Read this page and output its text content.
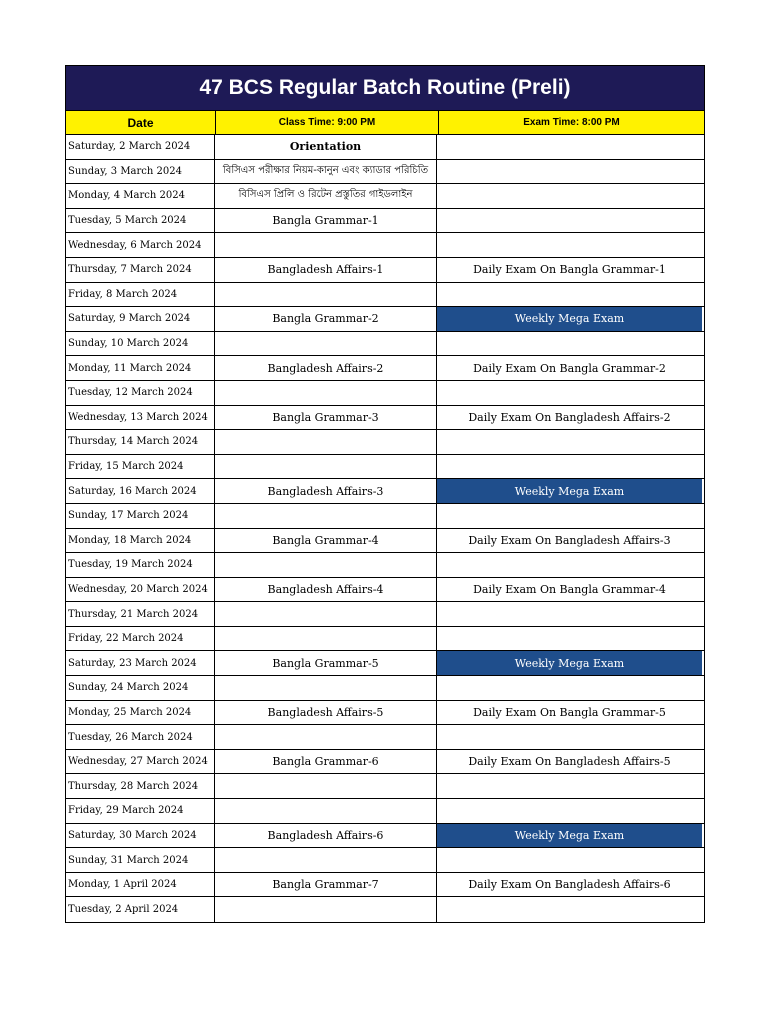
47 BCS Regular Batch Routine (Preli)
Date	Class Time: 9:00 PM	Exam Time: 8:00 PM
Saturday, 2 March 2024	Orientation
Sunday, 3 March 2024	বিসিএস পরীক্ষার নিয়ম-কানুন এবং ক্যাডার পরিচিতি
Monday, 4 March 2024	বিসিএস প্রিলি ও রিটেন প্রস্তুতির গাইডলাইন
Tuesday, 5 March 2024	Bangla Grammar-1
Wednesday, 6 March 2024
Thursday, 7 March 2024	Bangladesh Affairs-1	Daily Exam On Bangla Grammar-1
Friday, 8 March 2024
Saturday, 9 March 2024	Bangla Grammar-2	Weekly Mega Exam
Sunday, 10 March 2024
Monday, 11 March 2024	Bangladesh Affairs-2	Daily Exam On Bangla Grammar-2
Tuesday, 12 March 2024
Wednesday, 13 March 2024	Bangla Grammar-3	Daily Exam On Bangladesh Affairs-2
Thursday, 14 March 2024
Friday, 15 March 2024
Saturday, 16 March 2024	Bangladesh Affairs-3	Weekly Mega Exam
Sunday, 17 March 2024
Monday, 18 March 2024	Bangla Grammar-4	Daily Exam On Bangladesh Affairs-3
Tuesday, 19 March 2024
Wednesday, 20 March 2024	Bangladesh Affairs-4	Daily Exam On Bangla Grammar-4
Thursday, 21 March 2024
Friday, 22 March 2024
Saturday, 23 March 2024	Bangla Grammar-5	Weekly Mega Exam
Sunday, 24 March 2024
Monday, 25 March 2024	Bangladesh Affairs-5	Daily Exam On Bangla Grammar-5
Tuesday, 26 March 2024
Wednesday, 27 March 2024	Bangla Grammar-6	Daily Exam On Bangladesh Affairs-5
Thursday, 28 March 2024
Friday, 29 March 2024
Saturday, 30 March 2024	Bangladesh Affairs-6	Weekly Mega Exam
Sunday, 31 March 2024
Monday, 1 April 2024	Bangla Grammar-7	Daily Exam On Bangladesh Affairs-6
Tuesday, 2 April 2024
